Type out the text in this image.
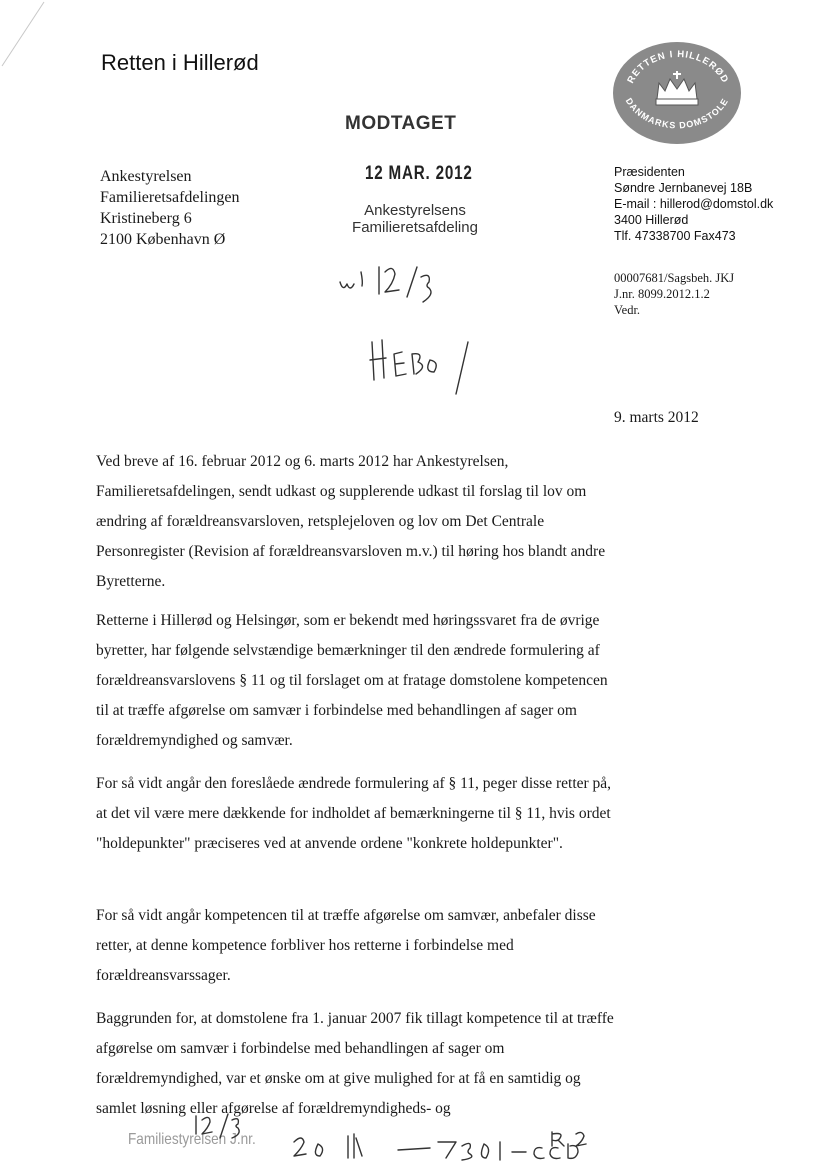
Retten i Hillerød
RETTEN I HILLERØD
DANMARKS DOMSTOLE
MODTAGET
12 MAR. 2012
Ankestyrelsens
Familieretsafdeling
Ankestyrelsen
Familieretsafdelingen
Kristineberg 6
2100 København Ø
Præsidenten
Søndre Jernbanevej 18B
E-mail : hillerod@domstol.dk
3400 Hillerød
Tlf. 47338700 Fax473
00007681/Sagsbeh. JKJ
J.nr. 8099.2012.1.2
Vedr.
9. marts 2012
Ved breve af 16. februar 2012 og 6. marts 2012 har Ankestyrelsen, Familieretsafdelingen, sendt udkast og supplerende udkast til forslag til lov om ændring af forældreansvarsloven, retsplejeloven og lov om Det Centrale Personregister (Revision af forældreansvarsloven m.v.) til høring hos blandt andre Byretterne.
Retterne i Hillerød og Helsingør, som er bekendt med høringssvaret fra de øvrige byretter, har følgende selvstændige bemærkninger til den ændrede formulering af forældreansvarslovens § 11 og til forslaget om at fratage domstolene kompetencen til at træffe afgørelse om samvær i forbindelse med behandlingen af sager om forældremyndighed og samvær.
For så vidt angår den foreslåede ændrede formulering af § 11, peger disse retter på, at det vil være mere dækkende for indholdet af bemærkningerne til § 11, hvis ordet "holdepunkter" præciseres ved at anvende ordene "konkrete holdepunkter".
For så vidt angår kompetencen til at træffe afgørelse om samvær, anbefaler disse retter, at denne kompetence forbliver hos retterne i forbindelse med forældreansvarssager.
Baggrunden for, at domstolene fra 1. januar 2007 fik tillagt kompetence til at træffe afgørelse om samvær i forbindelse med behandlingen af sager om forældremyndighed, var et ønske om at give mulighed for at få en samtidig og samlet løsning eller afgørelse af forældremyndigheds- og
Familiestyrelsen J.nr.
